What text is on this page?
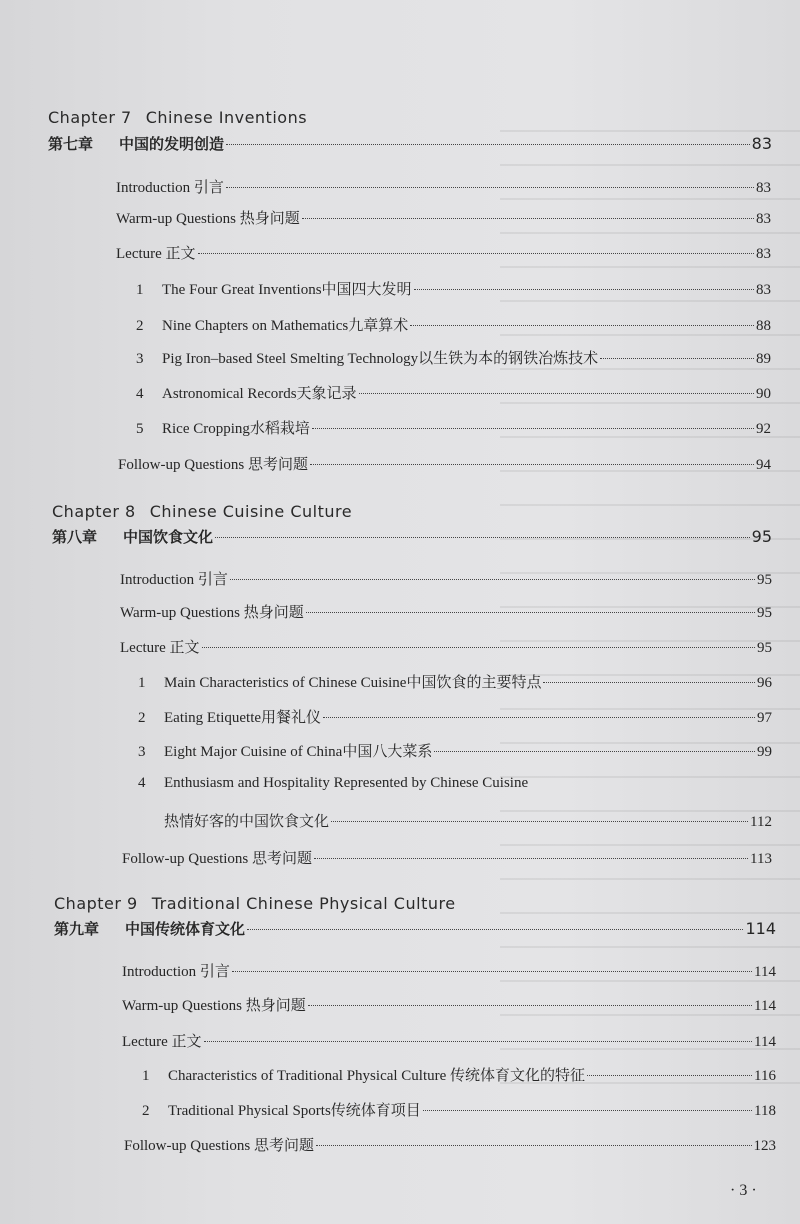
Chapter 7 Chinese Inventions
第七章 中国的发明创造	83
Introduction 引言	83
Warm-up Questions 热身问题	83
Lecture 正文	83
1 The Four Great Inventions中国四大发明	83
2 Nine Chapters on Mathematics九章算术	88
3 Pig Iron–based Steel Smelting Technology以生铁为本的钢铁冶炼技术	89
4 Astronomical Records天象记录	90
5 Rice Cropping水稻栽培	92
Follow-up Questions 思考问题	94
Chapter 8 Chinese Cuisine Culture
第八章 中国饮食文化	95
Introduction 引言	95
Warm-up Questions 热身问题	95
Lecture 正文	95
1 Main Characteristics of Chinese Cuisine中国饮食的主要特点	96
2 Eating Etiquette用餐礼仪	97
3 Eight Major Cuisine of China中国八大菜系	99
4 Enthusiasm and Hospitality Represented by Chinese Cuisine
热情好客的中国饮食文化	112
Follow-up Questions 思考问题	113
Chapter 9 Traditional Chinese Physical Culture
第九章 中国传统体育文化	114
Introduction 引言	114
Warm-up Questions 热身问题	114
Lecture 正文	114
1 Characteristics of Traditional Physical Culture 传统体育文化的特征	116
2 Traditional Physical Sports传统体育项目	118
Follow-up Questions 思考问题	123
· 3 ·
